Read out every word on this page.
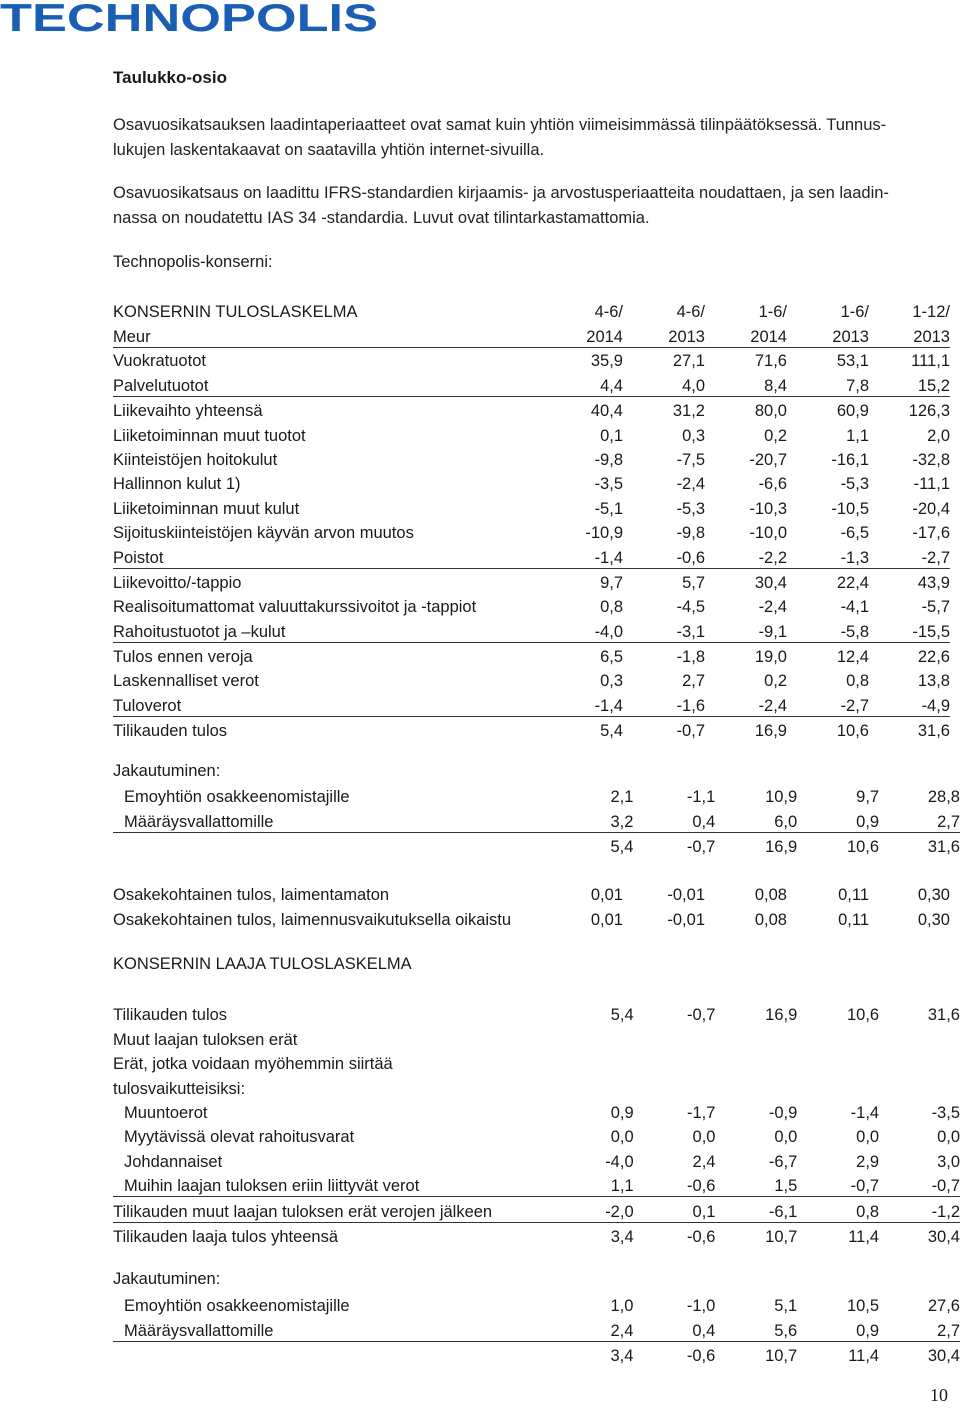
TECHNOPOLIS
Taulukko-osio
Osavuosikatsauksen laadintaperiaatteet ovat samat kuin yhtiön viimeisimmässä tilinpäätöksessä. Tunnus-
lukujen laskentakaavat on saatavilla yhtiön internet-sivuilla.
Osavuosikatsaus on laadittu IFRS-standardien kirjaamis- ja arvostusperiaatteita noudattaen, ja sen laadin-
nassa on noudatettu IAS 34 -standardia. Luvut ovat tilintarkastamattomia.
Technopolis-konserni:
KONSERNIN TULOSLASKELMA	4-6/	4-6/	1-6/	1-6/	1-12/
Meur	2014	2013	2014	2013	2013
Vuokratuotot	35,9	27,1	71,6	53,1	111,1
Palvelutuotot	4,4	4,0	8,4	7,8	15,2
Liikevaihto yhteensä	40,4	31,2	80,0	60,9	126,3
Liiketoiminnan muut tuotot	0,1	0,3	0,2	1,1	2,0
Kiinteistöjen hoitokulut	-9,8	-7,5	-20,7	-16,1	-32,8
Hallinnon kulut 1)	-3,5	-2,4	-6,6	-5,3	-11,1
Liiketoiminnan muut kulut	-5,1	-5,3	-10,3	-10,5	-20,4
Sijoituskiinteistöjen käyvän arvon muutos	-10,9	-9,8	-10,0	-6,5	-17,6
Poistot	-1,4	-0,6	-2,2	-1,3	-2,7
Liikevoitto/-tappio	9,7	5,7	30,4	22,4	43,9
Realisoitumattomat valuuttakurssivoitot ja -tappiot	0,8	-4,5	-2,4	-4,1	-5,7
Rahoitustuotot ja –kulut	-4,0	-3,1	-9,1	-5,8	-15,5
Tulos ennen veroja	6,5	-1,8	19,0	12,4	22,6
Laskennalliset verot	0,3	2,7	0,2	0,8	13,8
Tuloverot	-1,4	-1,6	-2,4	-2,7	-4,9
Tilikauden tulos	5,4	-0,7	16,9	10,6	31,6
Jakautuminen:
Emoyhtiön osakkeenomistajille	2,1	-1,1	10,9	9,7	28,8
Määräysvallattomille	3,2	0,4	6,0	0,9	2,7
	5,4	-0,7	16,9	10,6	31,6
Osakekohtainen tulos, laimentamaton	0,01	-0,01	0,08	0,11	0,30
Osakekohtainen tulos, laimennusvaikutuksella oikaistu	0,01	-0,01	0,08	0,11	0,30
KONSERNIN LAAJA TULOSLASKELMA
Tilikauden tulos	5,4	-0,7	16,9	10,6	31,6
Muut laajan tuloksen erät					
Erät, jotka voidaan myöhemmin siirtää					
tulosvaikutteisiksi:					
Muuntoerot	0,9	-1,7	-0,9	-1,4	-3,5
Myytävissä olevat rahoitusvarat	0,0	0,0	0,0	0,0	0,0
Johdannaiset	-4,0	2,4	-6,7	2,9	3,0
Muihin laajan tuloksen eriin liittyvät verot	1,1	-0,6	1,5	-0,7	-0,7
Tilikauden muut laajan tuloksen erät verojen jälkeen	-2,0	0,1	-6,1	0,8	-1,2
Tilikauden laaja tulos yhteensä	3,4	-0,6	10,7	11,4	30,4
Jakautuminen:
Emoyhtiön osakkeenomistajille	1,0	-1,0	5,1	10,5	27,6
Määräysvallattomille	2,4	0,4	5,6	0,9	2,7
	3,4	-0,6	10,7	11,4	30,4
10
